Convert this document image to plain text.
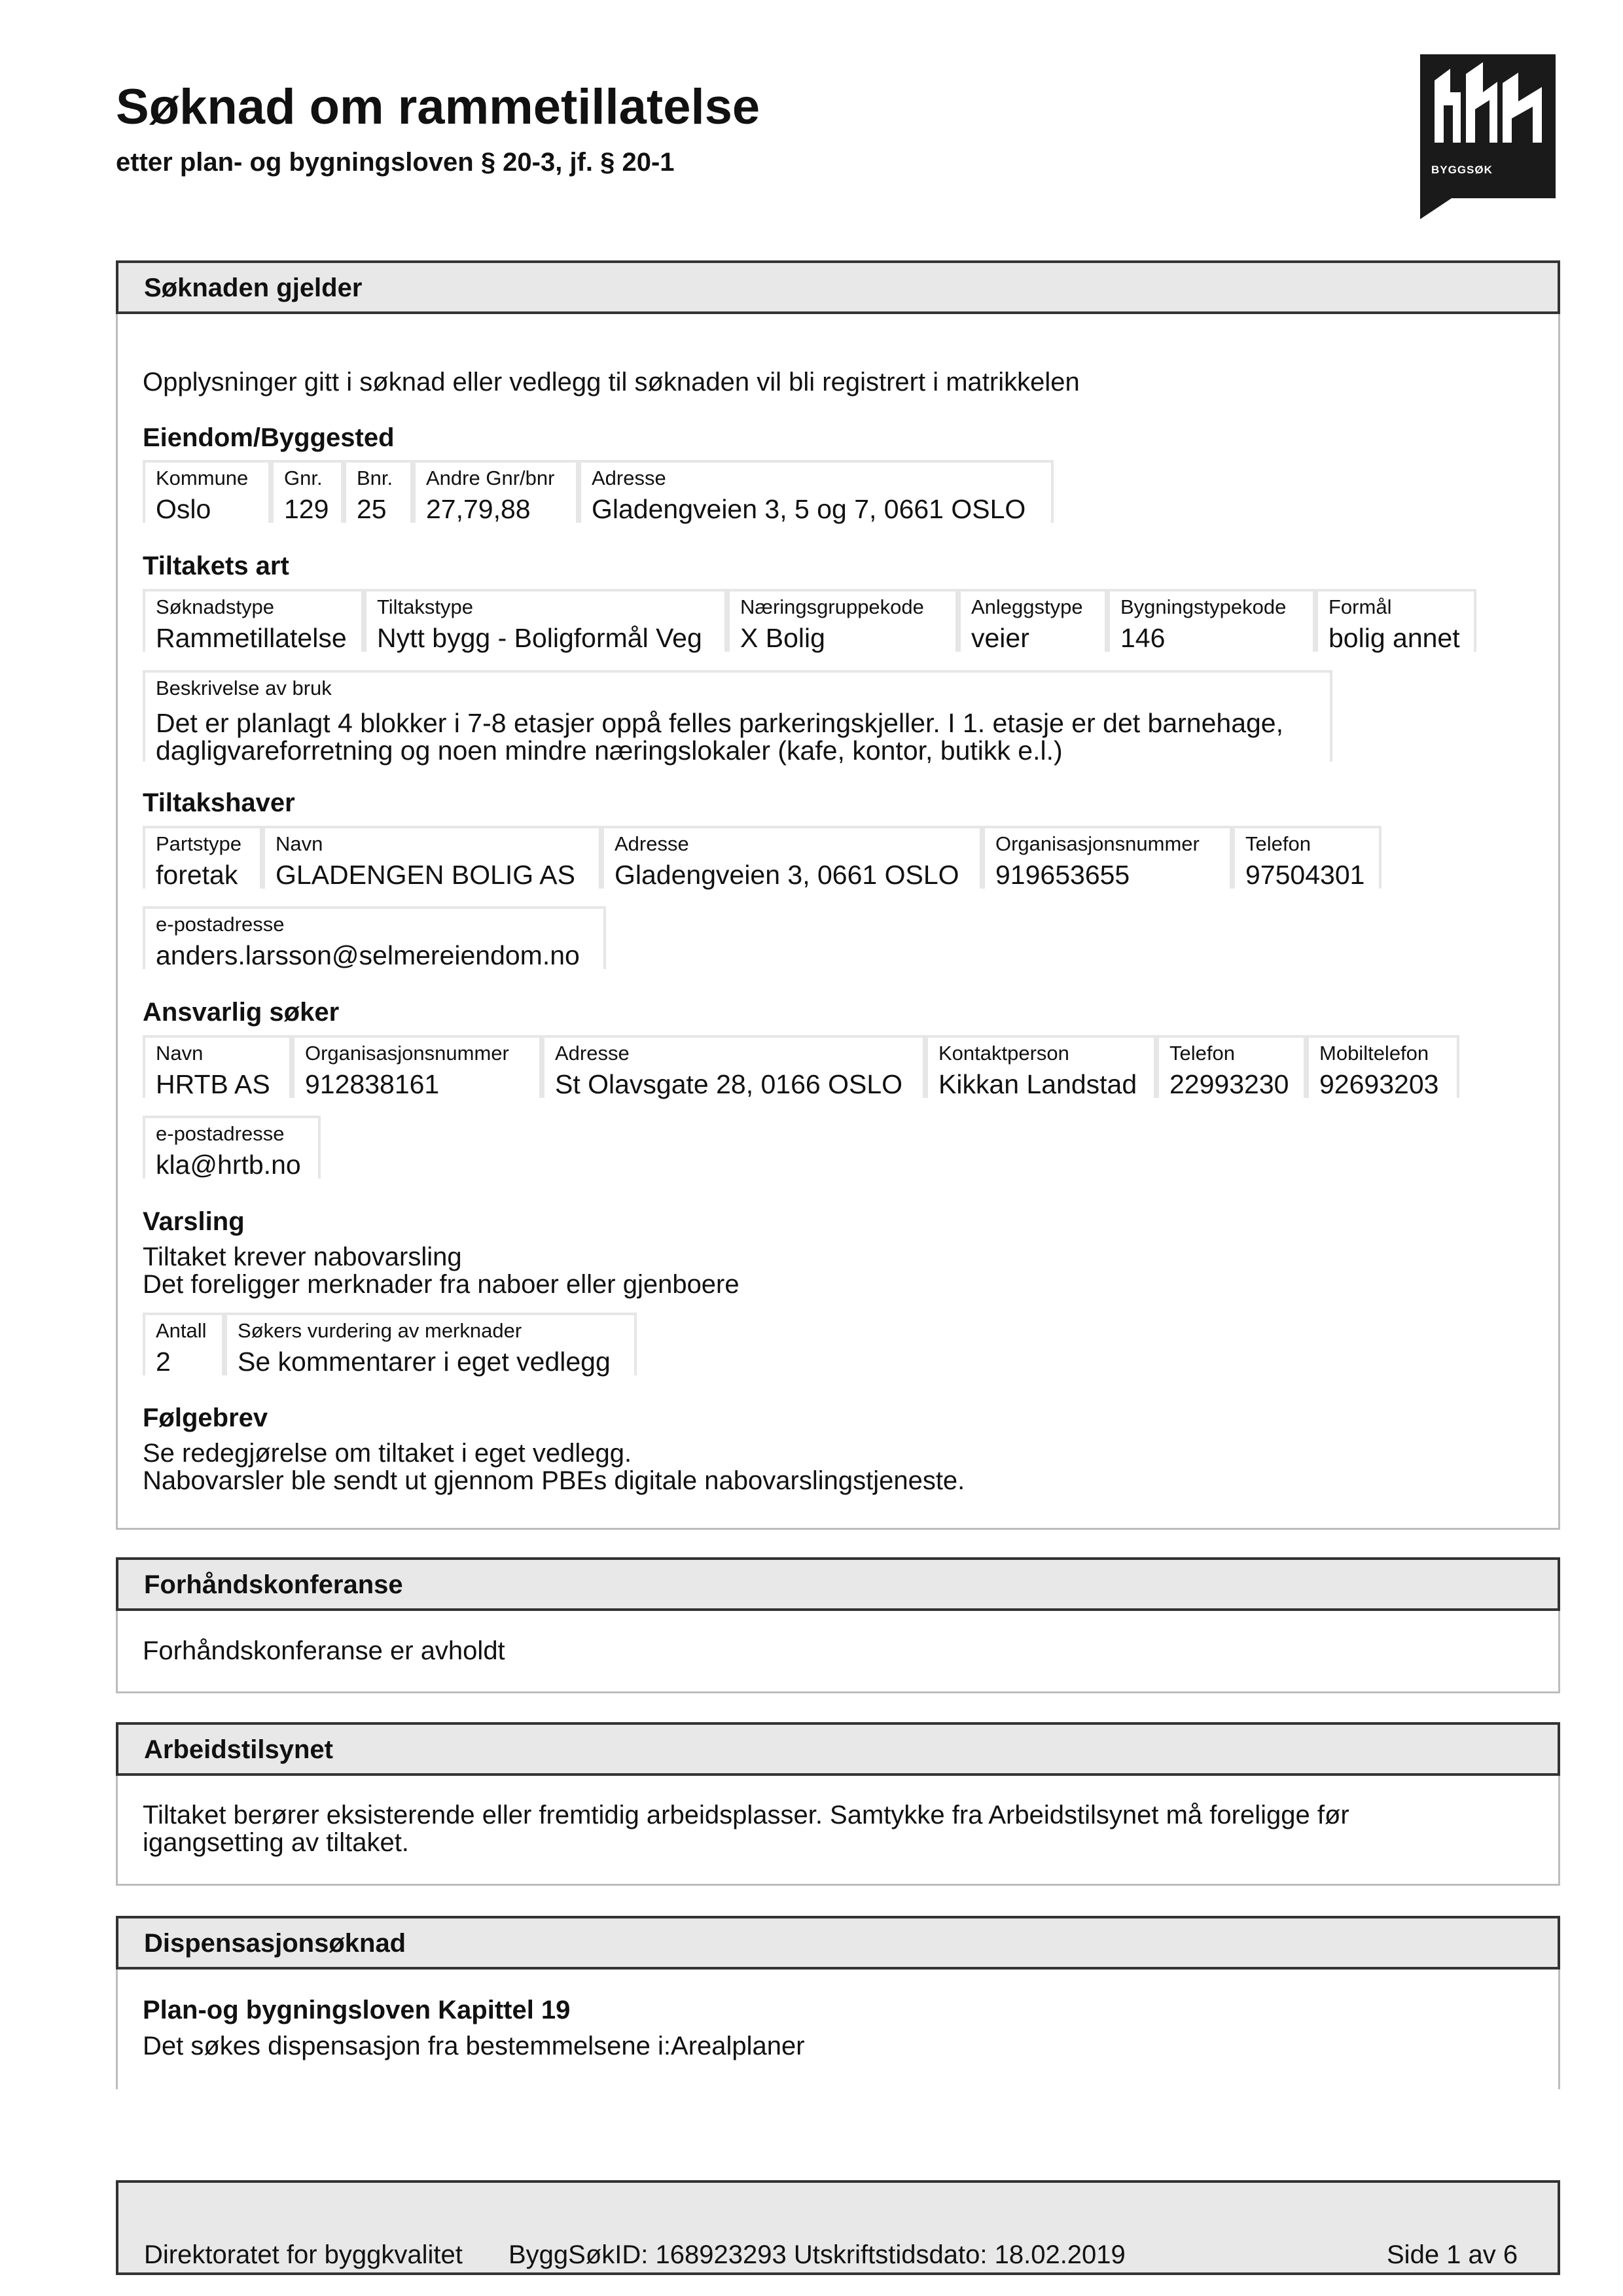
Søknad om rammetillatelse
etter plan- og bygningsloven § 20-3, jf. § 20-1	BYGGSØK
Søknaden gjelder
Opplysninger gitt i søknad eller vedlegg til søknaden vil bli registrert i matrikkelen
Eiendom/Byggested
Kommune
Oslo
Gnr.
129
Bnr.
25
Andre Gnr/bnr
27,79,88
Adresse
Gladengveien 3, 5 og 7, 0661 OSLO
Tiltakets art
Søknadstype
Rammetillatelse
Tiltakstype
Nytt bygg - Boligformål Veg
Næringsgruppekode
X Bolig
Anleggstype
veier
Bygningstypekode
146
Formål
bolig annet
Beskrivelse av bruk
Det er planlagt 4 blokker i 7-8 etasjer oppå felles parkeringskjeller. I 1. etasje er det barnehage,
dagligvareforretning og noen mindre næringslokaler (kafe, kontor, butikk e.l.)
Tiltakshaver
Partstype
foretak
Navn
GLADENGEN BOLIG AS
Adresse
Gladengveien 3, 0661 OSLO
Organisasjonsnummer
919653655
Telefon
97504301
e-postadresse
anders.larsson@selmereiendom.no
Ansvarlig søker
Navn
HRTB AS
Organisasjonsnummer
912838161
Adresse
St Olavsgate 28, 0166 OSLO
Kontaktperson
Kikkan Landstad
Telefon
22993230
Mobiltelefon
92693203
e-postadresse
kla@hrtb.no
Varsling
Tiltaket krever nabovarsling
Det foreligger merknader fra naboer eller gjenboere
Antall
2
Søkers vurdering av merknader
Se kommentarer i eget vedlegg
Følgebrev
Se redegjørelse om tiltaket i eget vedlegg.
Nabovarsler ble sendt ut gjennom PBEs digitale nabovarslingstjeneste.
Forhåndskonferanse
Forhåndskonferanse er avholdt
Arbeidstilsynet
Tiltaket berører eksisterende eller fremtidig arbeidsplasser. Samtykke fra Arbeidstilsynet må foreligge før
igangsetting av tiltaket.
Dispensasjonsøknad
Plan-og bygningsloven Kapittel 19
Det søkes dispensasjon fra bestemmelsene i:Arealplaner
Direktoratet for byggkvalitet ByggSøkID: 168923293 Utskriftstidsdato: 18.02.2019	Side 1 av 6
